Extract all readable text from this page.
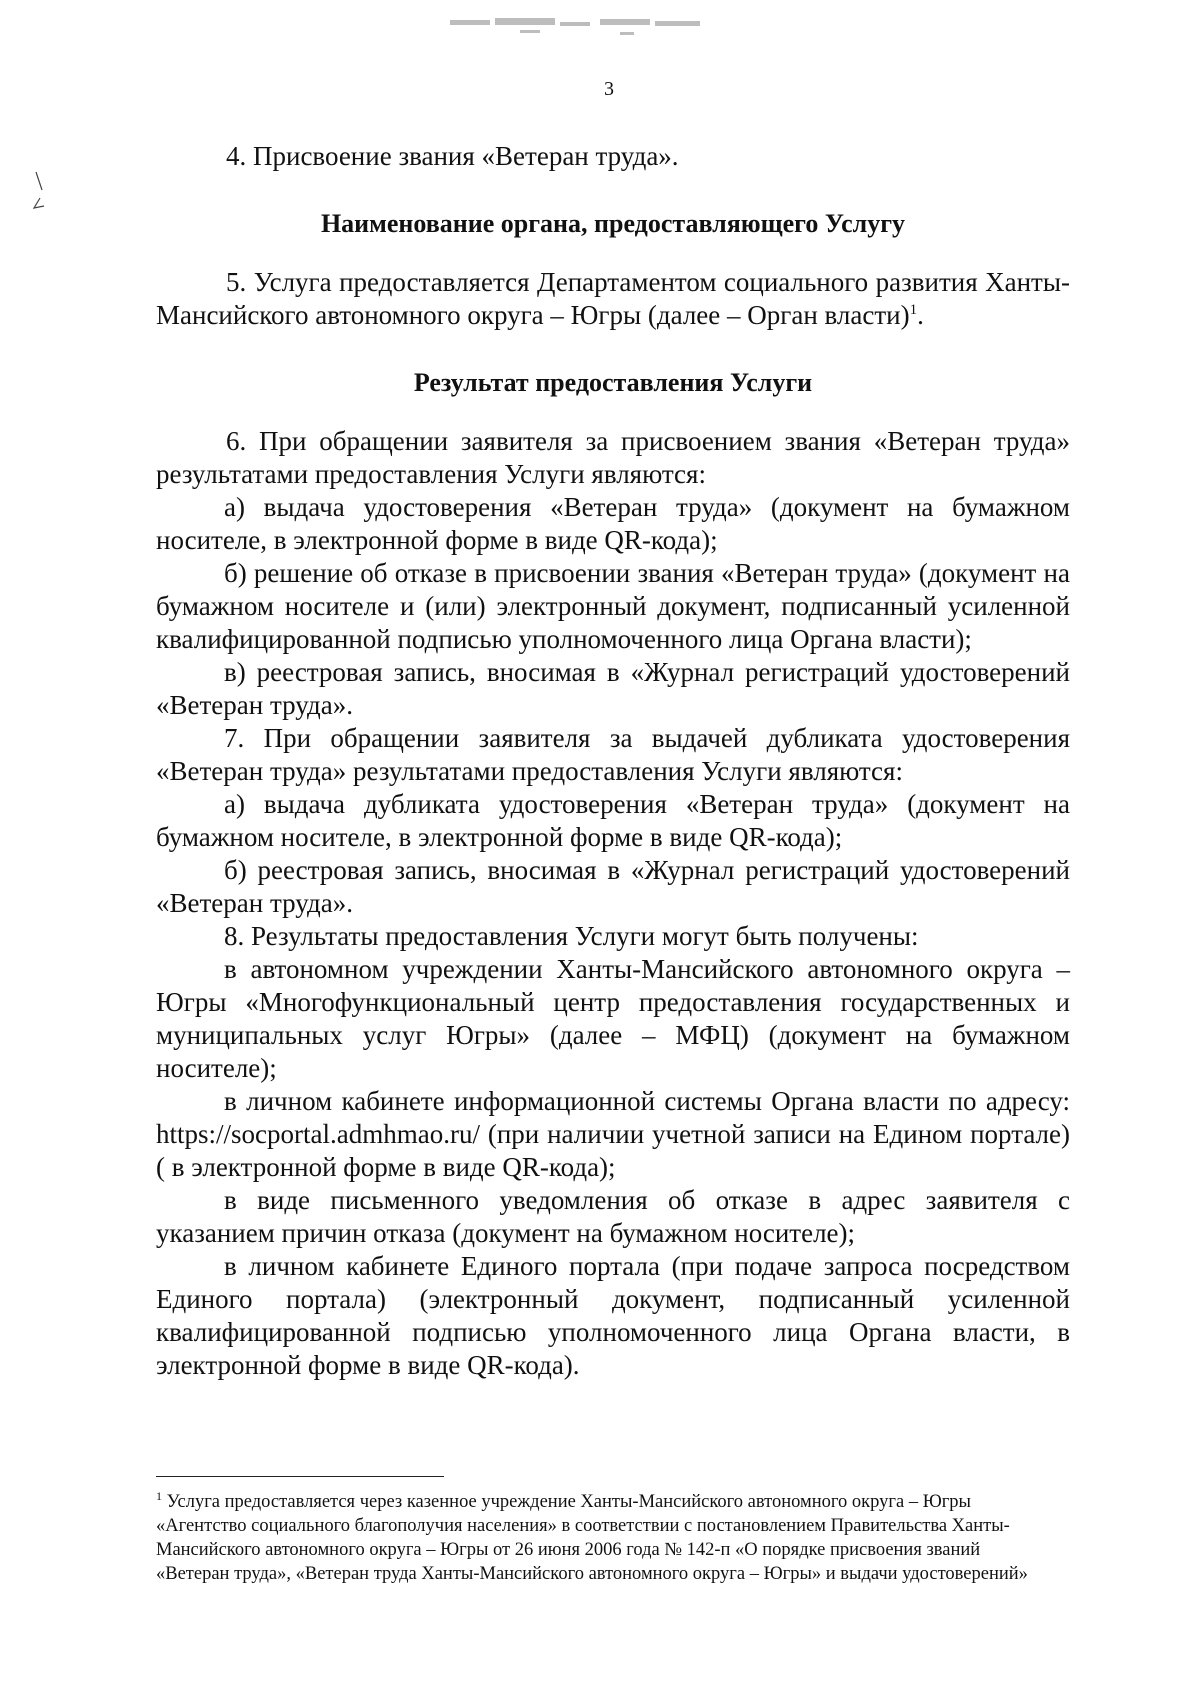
3

4. Присвоение звания «Ветеран труда».

Наименование органа, предоставляющего Услугу

5. Услуга предоставляется Департаментом социального развития Ханты-Мансийского автономного округа – Югры (далее – Орган власти)$^1$.

Результат предоставления Услуги

6. При обращении заявителя за присвоением звания «Ветеран труда» результатами предоставления Услуги являются:

а) выдача удостоверения «Ветеран труда» (документ на бумажном носителе, в электронной форме в виде QR-кода);

б) решение об отказе в присвоении звания «Ветеран труда» (документ на бумажном носителе и (или) электронный документ, подписанный усиленной квалифицированной подписью уполномоченного лица Органа власти);

в) реестровая запись, вносимая в «Журнал регистраций удостоверений «Ветеран труда».

7. При обращении заявителя за выдачей дубликата удостоверения «Ветеран труда» результатами предоставления Услуги являются:

а) выдача дубликата удостоверения «Ветеран труда» (документ на бумажном носителе, в электронной форме в виде QR-кода);

б) реестровая запись, вносимая в «Журнал регистраций удостоверений «Ветеран труда».

8. Результаты предоставления Услуги могут быть получены:

в автономном учреждении Ханты-Мансийского автономного округа – Югры «Многофункциональный центр предоставления государственных и муниципальных услуг Югры» (далее – МФЦ) (документ на бумажном носителе);

в личном кабинете информационной системы Органа власти по адресу: https://socportal.admhmao.ru/ (при наличии учетной записи на Едином портале)( в электронной форме в виде QR-кода);

в виде письменного уведомления об отказе в адрес заявителя с указанием причин отказа (документ на бумажном носителе);

в личном кабинете Единого портала (при подаче запроса посредством Единого портала) (электронный документ, подписанный усиленной квалифицированной подписью уполномоченного лица Органа власти, в электронной форме в виде QR-кода).

$^1$ Услуга предоставляется через казенное учреждение Ханты-Мансийского автономного округа – Югры «Агентство социального благополучия населения» в соответствии с постановлением Правительства Ханты-Мансийского автономного округа – Югры от 26 июня 2006 года № 142-п «О порядке присвоения званий «Ветеран труда», «Ветеран труда Ханты-Мансийского автономного округа – Югры» и выдачи удостоверений»
